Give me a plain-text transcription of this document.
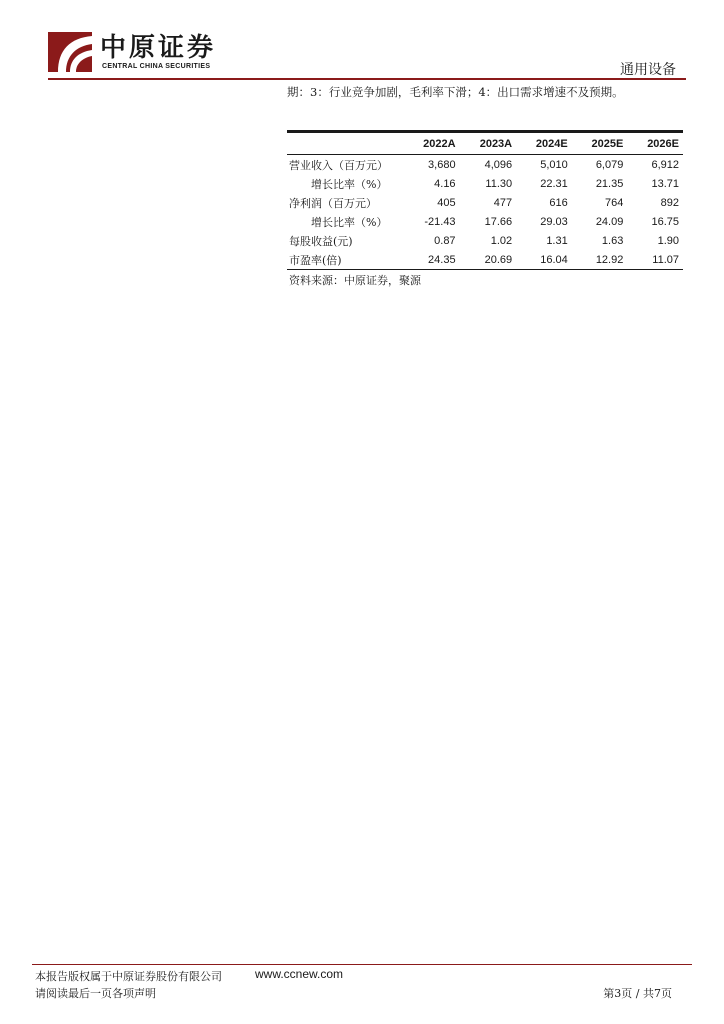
中原证券
CENTRAL CHINA SECURITIES	通用设备
期：3：行业竞争加剧，毛利率下滑；4：出口需求增速不及预期。
	2022A	2023A	2024E	2025E	2026E
营业收入（百万元）	3,680	4,096	5,010	6,079	6,912
增长比率（%）	4.16	11.30	22.31	21.35	13.71
净利润（百万元）	405	477	616	764	892
增长比率（%）	-21.43	17.66	29.03	24.09	16.75
每股收益(元)	0.87	1.02	1.31	1.63	1.90
市盈率(倍)	24.35	20.69	16.04	12.92	11.07
资料来源：中原证券，聚源
本报告版权属于中原证券股份有限公司	www.ccnew.com
请阅读最后一页各项声明	第3页 / 共7页
